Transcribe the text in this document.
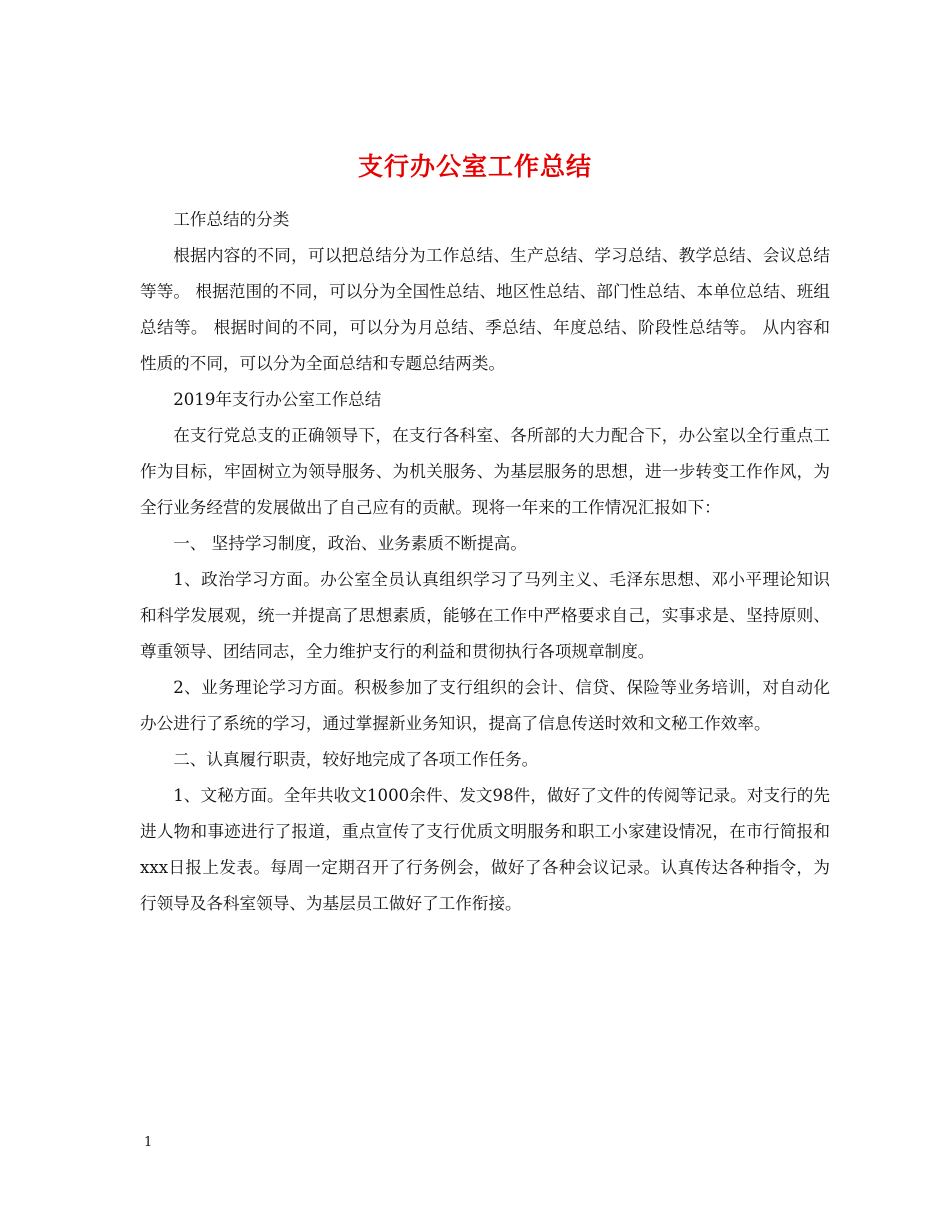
支行办公室工作总结

工作总结的分类

根据内容的不同，可以把总结分为工作总结、生产总结、学习总结、教学总结、会议总结等等。 根据范围的不同，可以分为全国性总结、地区性总结、部门性总结、本单位总结、班组总结等。 根据时间的不同，可以分为月总结、季总结、年度总结、阶段性总结等。 从内容和性质的不同，可以分为全面总结和专题总结两类。

2019年支行办公室工作总结

在支行党总支的正确领导下，在支行各科室、各所部的大力配合下，办公室以全行重点工作为目标，牢固树立为领导服务、为机关服务、为基层服务的思想，进一步转变工作作风，为全行业务经营的发展做出了自己应有的贡献。现将一年来的工作情况汇报如下：

一、 坚持学习制度，政治、业务素质不断提高。

1、政治学习方面。办公室全员认真组织学习了马列主义、毛泽东思想、邓小平理论知识和科学发展观，统一并提高了思想素质，能够在工作中严格要求自己，实事求是、坚持原则、尊重领导、团结同志，全力维护支行的利益和贯彻执行各项规章制度。

2、业务理论学习方面。积极参加了支行组织的会计、信贷、保险等业务培训，对自动化办公进行了系统的学习，通过掌握新业务知识，提高了信息传送时效和文秘工作效率。

二、认真履行职责，较好地完成了各项工作任务。

1、文秘方面。全年共收文1000余件、发文98件，做好了文件的传阅等记录。对支行的先进人物和事迹进行了报道，重点宣传了支行优质文明服务和职工小家建设情况，在市行简报和xxx日报上发表。每周一定期召开了行务例会，做好了各种会议记录。认真传达各种指令，为行领导及各科室领导、为基层员工做好了工作衔接。

1
